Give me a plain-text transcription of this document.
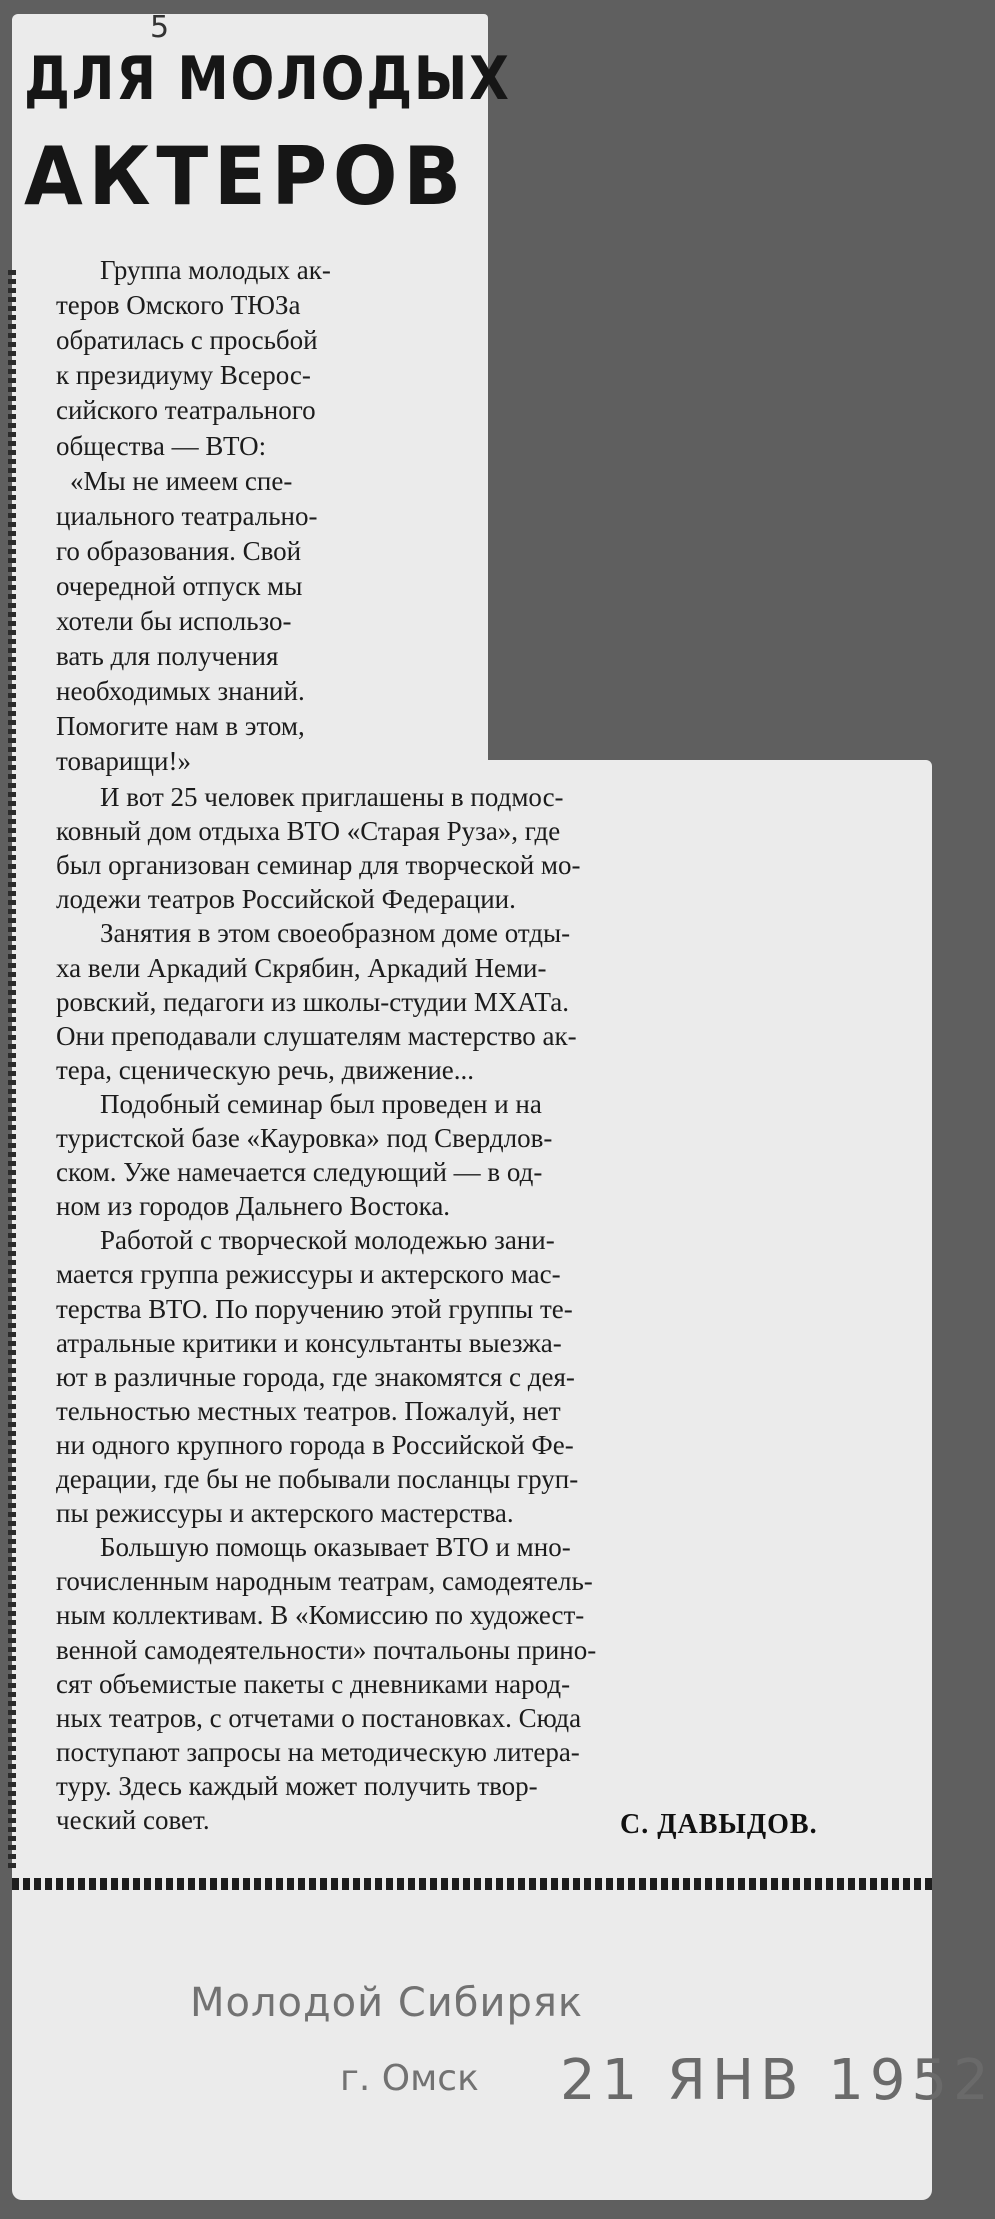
5
ДЛЯ МОЛОДЫХ
АКТЕРОВ

Группа молодых ак-

теров Омского ТЮЗа

обратилась с просьбой

к президиуму Всерос-

сийского театрального

общества — ВТО:

«Мы не имеем спе-

циального театрально-

го образования. Свой

очередной отпуск мы

хотели бы использо-

вать для получения

необходимых знаний.

Помогите нам в этом,

товарищи!»

И вот 25 человек приглашены в подмос-

ковный дом отдыха ВТО «Старая Руза», где

был организован семинар для творческой мо-

лодежи театров Российской Федерации.

Занятия в этом своеобразном доме отды-

ха вели Аркадий Скрябин, Аркадий Неми-

ровский, педагоги из школы-студии МХАТа.

Они преподавали слушателям мастерство ак-

тера, сценическую речь, движение...

Подобный семинар был проведен и на

туристской базе «Кауровка» под Свердлов-

ском. Уже намечается следующий — в од-

ном из городов Дальнего Востока.

Работой с творческой молодежью зани-

мается группа режиссуры и актерского мас-

терства ВТО. По поручению этой группы те-

атральные критики и консультанты выезжа-

ют в различные города, где знакомятся с дея-

тельностью местных театров. Пожалуй, нет

ни одного крупного города в Российской Фе-

дерации, где бы не побывали посланцы груп-

пы режиссуры и актерского мастерства.

Большую помощь оказывает ВТО и мно-

гочисленным народным театрам, самодеятель-

ным коллективам. В «Комиссию по художест-

венной самодеятельности» почтальоны прино-

сят объемистые пакеты с дневниками народ-

ных театров, с отчетами о постановках. Сюда

поступают запросы на методическую литера-

туру. Здесь каждый может получить твор-

ческий совет.	С. ДАВЫДОВ.

Молодой Сибиряк

г. Омск 21 ЯНВ 1952
